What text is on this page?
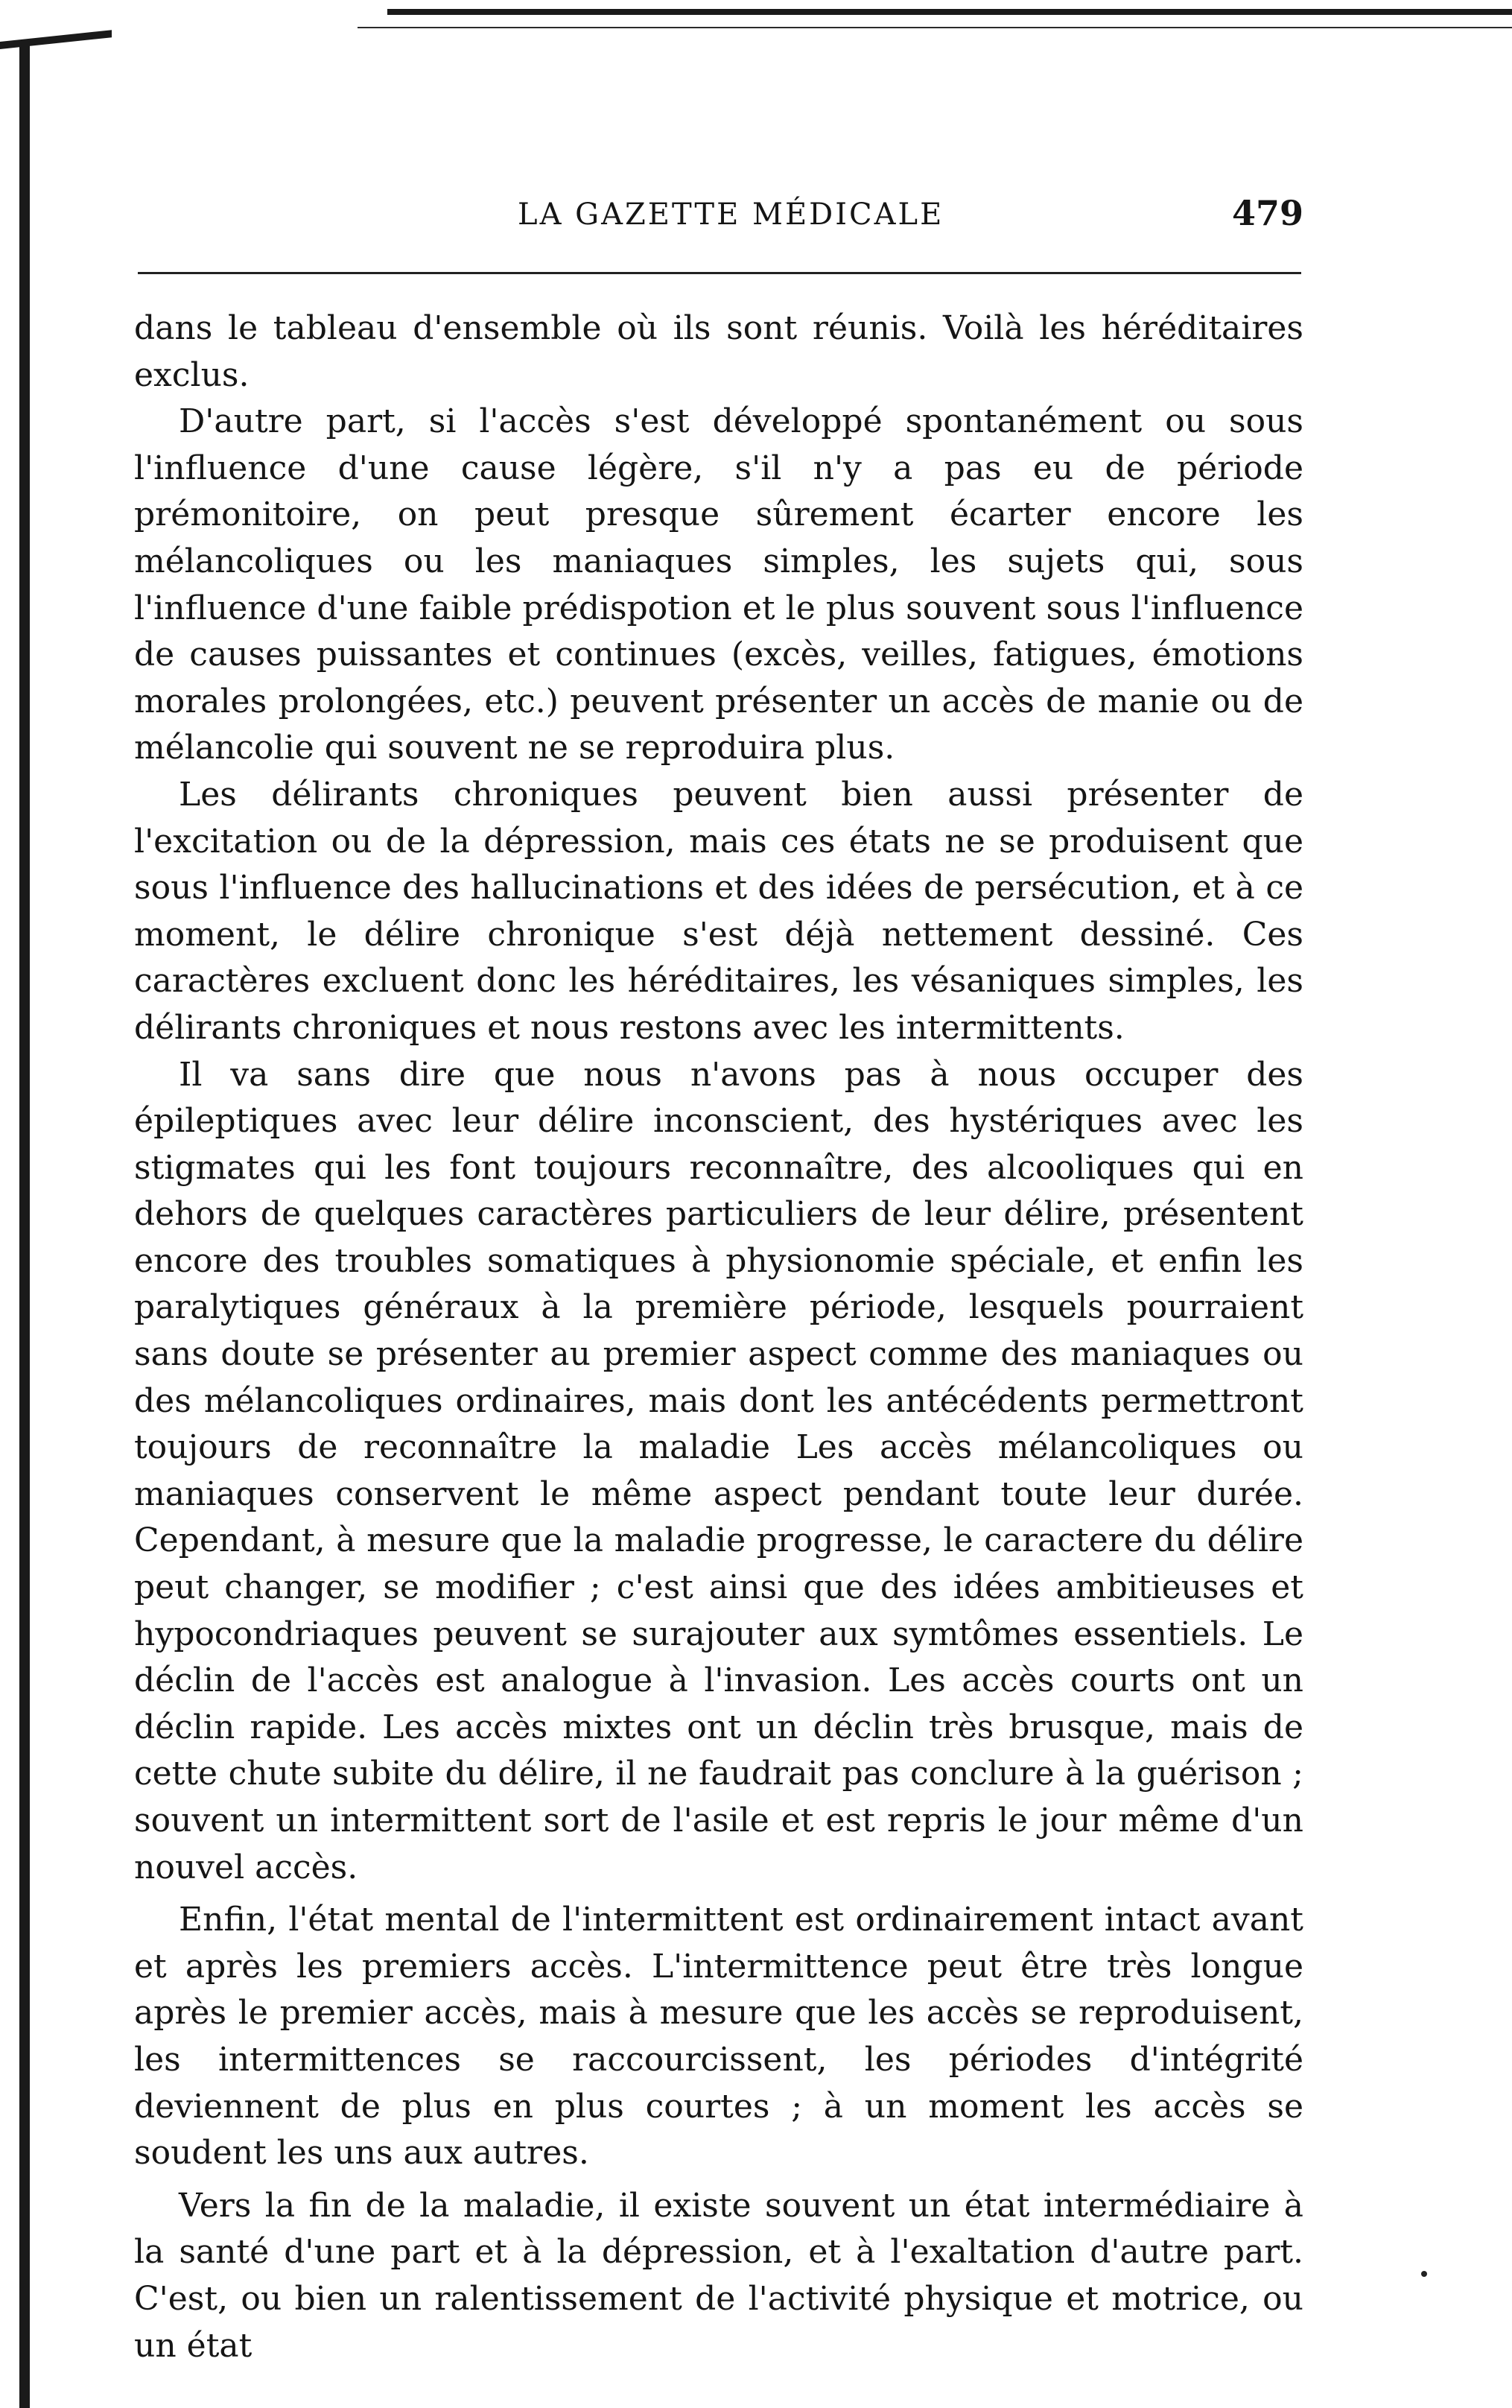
LA GAZETTE MÉDICALE	479

dans le tableau d'ensemble où ils sont réunis. Voilà les héréditaires exclus.

D'autre part, si l'accès s'est développé spontanément ou sous l'influence d'une cause légère, s'il n'y a pas eu de période prémonitoire, on peut presque sûrement écarter encore les mélancoliques ou les maniaques simples, les sujets qui, sous l'influence d'une faible prédispotion et le plus souvent sous l'influence de causes puissantes et continues (excès, veilles, fatigues, émotions morales prolongées, etc.) peuvent présenter un accès de manie ou de mélancolie qui souvent ne se reproduira plus.

Les délirants chroniques peuvent bien aussi présenter de l'excitation ou de la dépression, mais ces états ne se produisent que sous l'influence des hallucinations et des idées de persécution, et à ce moment, le délire chronique s'est déjà nettement dessiné. Ces caractères excluent donc les héréditaires, les vésaniques simples, les délirants chroniques et nous restons avec les intermittents.

Il va sans dire que nous n'avons pas à nous occuper des épileptiques avec leur délire inconscient, des hystériques avec les stigmates qui les font toujours reconnaître, des alcooliques qui en dehors de quelques caractères particuliers de leur délire, présentent encore des troubles somatiques à physionomie spéciale, et enfin les paralytiques généraux à la première période, lesquels pourraient sans doute se présenter au premier aspect comme des maniaques ou des mélancoliques ordinaires, mais dont les antécédents permettront toujours de reconnaître la maladie Les accès mélancoliques ou maniaques conservent le même aspect pendant toute leur durée. Cependant, à mesure que la maladie progresse, le caractere du délire peut changer, se modifier ; c'est ainsi que des idées ambitieuses et hypocondriaques peuvent se surajouter aux symtômes essentiels. Le déclin de l'accès est analogue à l'invasion. Les accès courts ont un déclin rapide. Les accès mixtes ont un déclin très brusque, mais de cette chute subite du délire, il ne faudrait pas conclure à la guérison ; souvent un intermittent sort de l'asile et est repris le jour même d'un nouvel accès.

Enfin, l'état mental de l'intermittent est ordinairement intact avant et après les premiers accès. L'intermittence peut être très longue après le premier accès, mais à mesure que les accès se reproduisent, les intermittences se raccourcissent, les périodes d'intégrité deviennent de plus en plus courtes ; à un moment les accès se soudent les uns aux autres.

Vers la fin de la maladie, il existe souvent un état intermédiaire à la santé d'une part et à la dépression, et à l'exaltation d'autre part. C'est, ou bien un ralentissement de l'activité physique et motrice, ou un état
